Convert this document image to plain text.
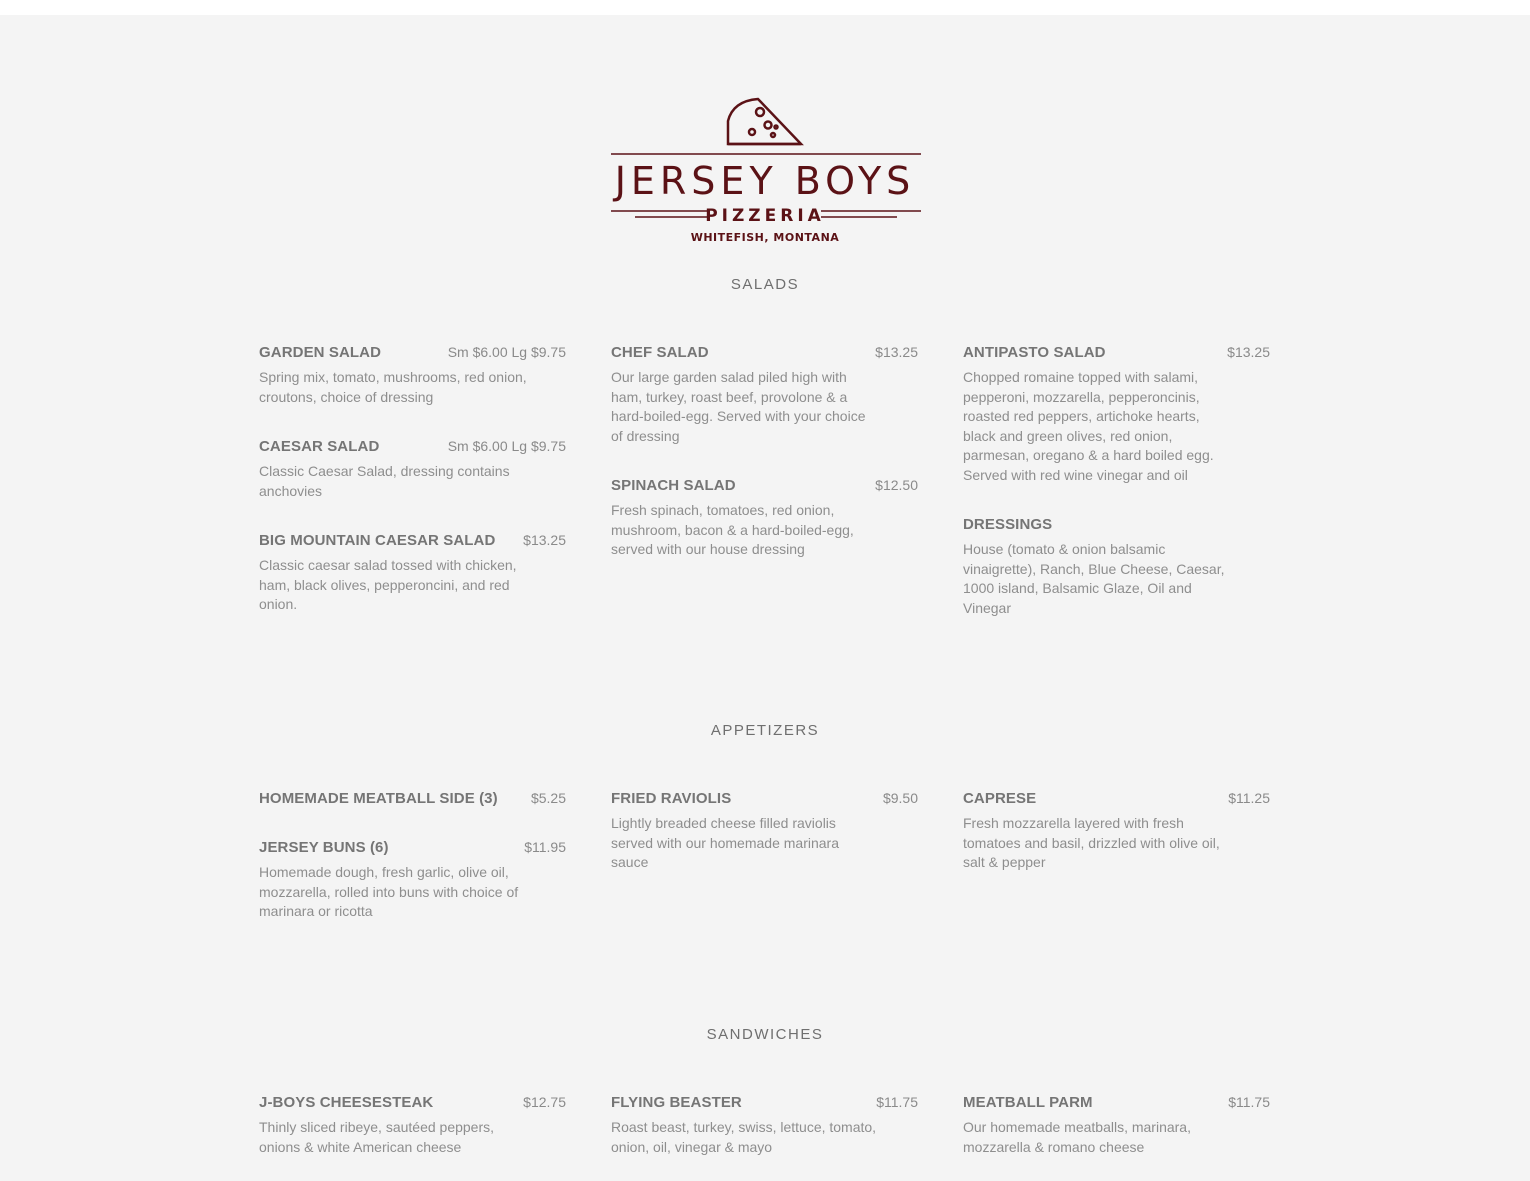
JERSEY BOYS
PIZZERIA
WHITEFISH, MONTANA
SALADS
GARDEN SALAD	Sm $6.00 Lg $9.75
Spring mix, tomato, mushrooms, red onion, croutons, choice of dressing
CAESAR SALAD	Sm $6.00 Lg $9.75
Classic Caesar Salad, dressing contains anchovies
BIG MOUNTAIN CAESAR SALAD $13.25
Classic caesar salad tossed with chicken, ham, black olives, pepperoncini, and red onion.
CHEF SALAD	$13.25
Our large garden salad piled high with ham, turkey, roast beef, provolone & a hard-boiled-egg. Served with your choice of dressing
SPINACH SALAD	$12.50
Fresh spinach, tomatoes, red onion, mushroom, bacon & a hard-boiled-egg, served with our house dressing
ANTIPASTO SALAD	$13.25
Chopped romaine topped with salami, pepperoni, mozzarella, pepperoncinis, roasted red peppers, artichoke hearts, black and green olives, red onion, parmesan, oregano & a hard boiled egg. Served with red wine vinegar and oil
DRESSINGS
House (tomato & onion balsamic vinaigrette), Ranch, Blue Cheese, Caesar, 1000 island, Balsamic Glaze, Oil and Vinegar
APPETIZERS
HOMEMADE MEATBALL SIDE (3) $5.25
JERSEY BUNS (6)	$11.95
Homemade dough, fresh garlic, olive oil, mozzarella, rolled into buns with choice of marinara or ricotta
FRIED RAVIOLIS	$9.50
Lightly breaded cheese filled raviolis served with our homemade marinara sauce
CAPRESE	$11.25
Fresh mozzarella layered with fresh tomatoes and basil, drizzled with olive oil, salt & pepper
SANDWICHES
J-BOYS CHEESESTEAK	$12.75
Thinly sliced ribeye, sautéed peppers, onions & white American cheese
FLYING BEASTER	$11.75
Roast beast, turkey, swiss, lettuce, tomato, onion, oil, vinegar & mayo
MEATBALL PARM	$11.75
Our homemade meatballs, marinara, mozzarella & romano cheese
